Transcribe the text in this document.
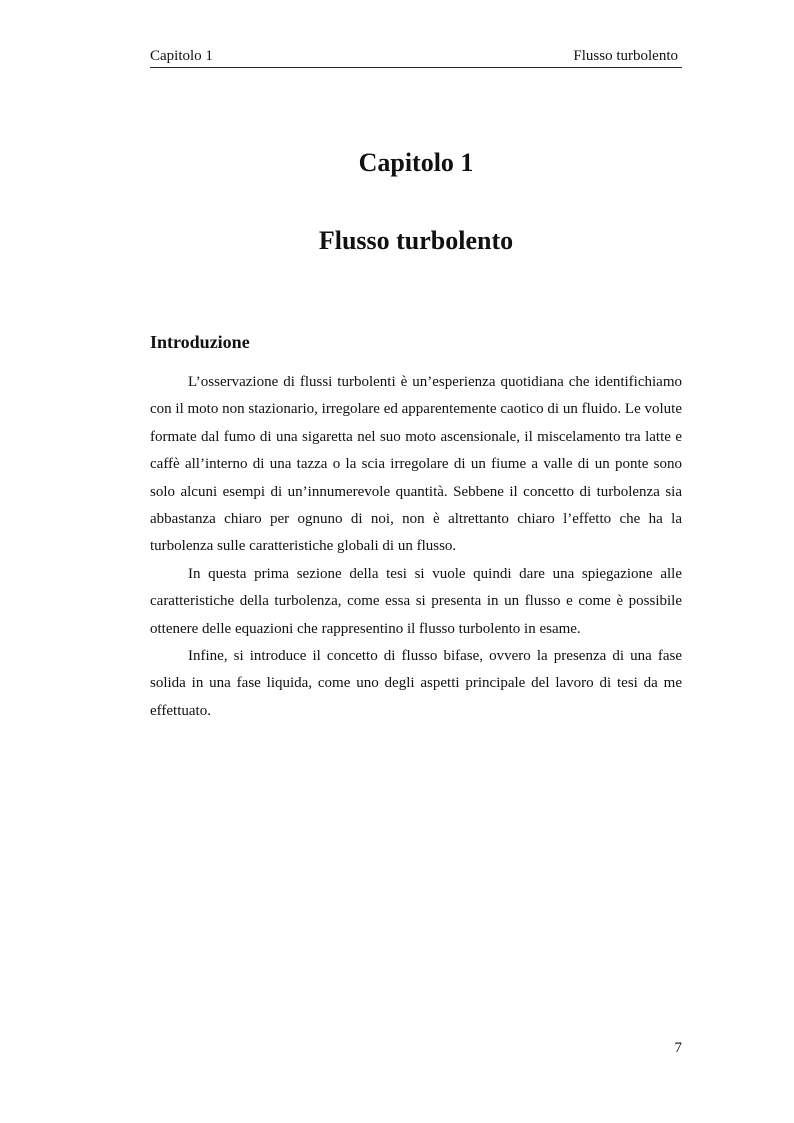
Capitolo 1	Flusso turbolento
Capitolo 1
Flusso turbolento
Introduzione

L’osservazione di flussi turbolenti è un’esperienza quotidiana che identifichiamo con il moto non stazionario, irregolare ed apparentemente caotico di un fluido. Le volute formate dal fumo di una sigaretta nel suo moto ascensionale, il miscelamento tra latte e caffè all’interno di una tazza o la scia irregolare di un fiume a valle di un ponte sono solo alcuni esempi di un’innumerevole quantità. Sebbene il concetto di turbolenza sia abbastanza chiaro per ognuno di noi, non è altrettanto chiaro l’effetto che ha la turbolenza sulle caratteristiche globali di un flusso.

In questa prima sezione della tesi si vuole quindi dare una spiegazione alle caratteristiche della turbolenza, come essa si presenta in un flusso e come è possibile ottenere delle equazioni che rappresentino il flusso turbolento in esame.

Infine, si introduce il concetto di flusso bifase, ovvero la presenza di una fase solida in una fase liquida, come uno degli aspetti principale del lavoro di tesi da me effettuato.

7
